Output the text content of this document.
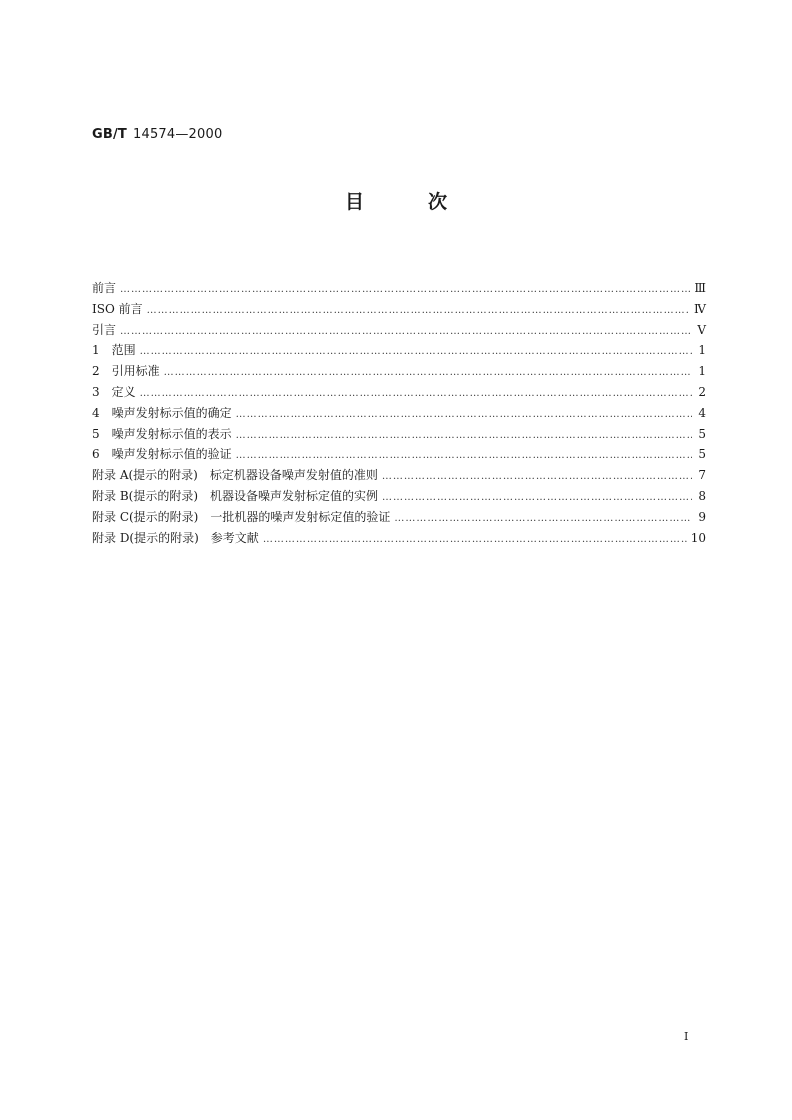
GB/T 14574—2000
目	次
前言 ……………………………………………………………………………………………………………………………………………………………………………………………………………………………………………………………………………………	Ⅲ
ISO 前言 ……………………………………………………………………………………………………………………………………………………………………………………………………………………………………………………………………………………	Ⅳ
引言 ……………………………………………………………………………………………………………………………………………………………………………………………………………………………………………………………………………………	Ⅴ
1　范围 ……………………………………………………………………………………………………………………………………………………………………………………………………………………………………………………………………………………	1
2　引用标准 ……………………………………………………………………………………………………………………………………………………………………………………………………………………………………………………………………………………	1
3　定义 ……………………………………………………………………………………………………………………………………………………………………………………………………………………………………………………………………………………	2
4　噪声发射标示值的确定 ……………………………………………………………………………………………………………………………………………………………………………………………………………………………………………………………………………………	4
5　噪声发射标示值的表示 ……………………………………………………………………………………………………………………………………………………………………………………………………………………………………………………………………………………	5
6　噪声发射标示值的验证 ……………………………………………………………………………………………………………………………………………………………………………………………………………………………………………………………………………………	5
附录 A(提示的附录)　标定机器设备噪声发射值的准则 ……………………………………………………………………………………………………………………………………………………………………………………………………………………………………………………………………………………	7
附录 B(提示的附录)　机器设备噪声发射标定值的实例 ……………………………………………………………………………………………………………………………………………………………………………………………………………………………………………………………………………………	8
附录 C(提示的附录)　一批机器的噪声发射标定值的验证 ……………………………………………………………………………………………………………………………………………………………………………………………………………………………………………………………………………………	9
附录 D(提示的附录)　参考文献 ……………………………………………………………………………………………………………………………………………………………………………………………………………………………………………………………………………………	10
I
